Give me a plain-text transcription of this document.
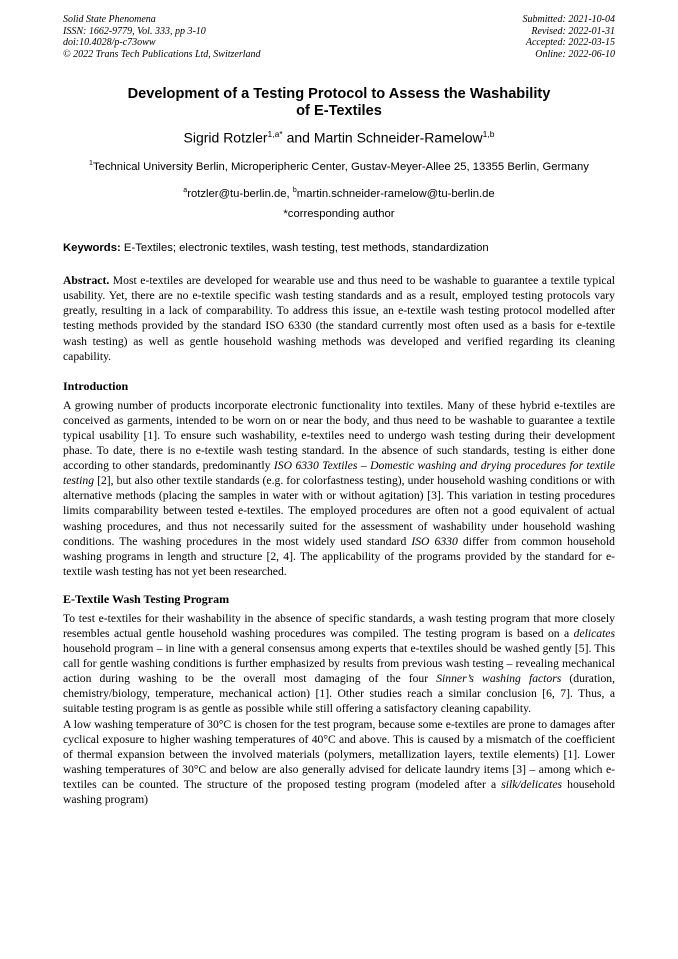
Solid State Phenomena
ISSN: 1662-9779, Vol. 333, pp 3-10
doi:10.4028/p-c73oww
© 2022 Trans Tech Publications Ltd, Switzerland
Submitted: 2021-10-04
Revised: 2022-01-31
Accepted: 2022-03-15
Online: 2022-06-10
Development of a Testing Protocol to Assess the Washability
of E-Textiles
Sigrid Rotzler$^{1,a*}$ and Martin Schneider-Ramelow$^{1,b}$
$^1$Technical University Berlin, Microperipheric Center, Gustav-Meyer-Allee 25, 13355 Berlin, Germany
$^a$rotzler@tu-berlin.de, $^b$martin.schneider-ramelow@tu-berlin.de
*corresponding author
Keywords: E-Textiles; electronic textiles, wash testing, test methods, standardization

Abstract. Most e-textiles are developed for wearable use and thus need to be washable to guarantee a textile typical usability. Yet, there are no e-textile specific wash testing standards and as a result, employed testing protocols vary greatly, resulting in a lack of comparability. To address this issue, an e-textile wash testing protocol modelled after testing methods provided by the standard ISO 6330 (the standard currently most often used as a basis for e-textile wash testing) as well as gentle household washing methods was developed and verified regarding its cleaning capability.

Introduction

A growing number of products incorporate electronic functionality into textiles. Many of these hybrid e-textiles are conceived as garments, intended to be worn on or near the body, and thus need to be washable to guarantee a textile typical usability [1]. To ensure such washability, e-textiles need to undergo wash testing during their development phase. To date, there is no e-textile wash testing standard. In the absence of such standards, testing is either done according to other standards, predominantly ISO 6330 Textiles – Domestic washing and drying procedures for textile testing [2], but also other textile standards (e.g. for colorfastness testing), under household washing conditions or with alternative methods (placing the samples in water with or without agitation) [3]. This variation in testing procedures limits comparability between tested e-textiles. The employed procedures are often not a good equivalent of actual washing procedures, and thus not necessarily suited for the assessment of washability under household washing conditions. The washing procedures in the most widely used standard ISO 6330 differ from common household washing programs in length and structure [2, 4]. The applicability of the programs provided by the standard for e-textile wash testing has not yet been researched.

E-Textile Wash Testing Program

To test e-textiles for their washability in the absence of specific standards, a wash testing program that more closely resembles actual gentle household washing procedures was compiled. The testing program is based on a delicates household program – in line with a general consensus among experts that e-textiles should be washed gently [5]. This call for gentle washing conditions is further emphasized by results from previous wash testing – revealing mechanical action during washing to be the overall most damaging of the four Sinner’s washing factors (duration, chemistry/biology, temperature, mechanical action) [1]. Other studies reach a similar conclusion [6, 7]. Thus, a suitable testing program is as gentle as possible while still offering a satisfactory cleaning capability.

A low washing temperature of 30°C is chosen for the test program, because some e-textiles are prone to damages after cyclical exposure to higher washing temperatures of 40°C and above. This is caused by a mismatch of the coefficient of thermal expansion between the involved materials (polymers, metallization layers, textile elements) [1]. Lower washing temperatures of 30°C and below are also generally advised for delicate laundry items [3] – among which e-textiles can be counted. The structure of the proposed testing program (modeled after a silk/delicates household washing program)
